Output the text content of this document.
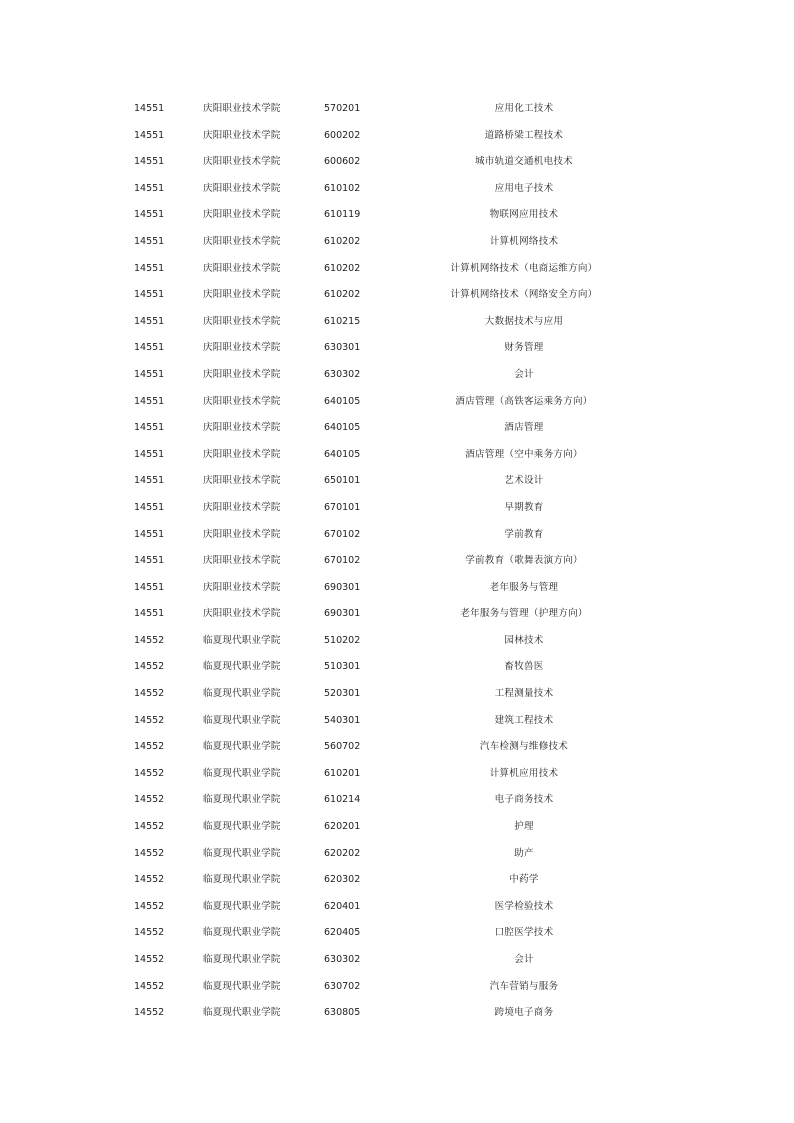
14551	庆阳职业技术学院	570201	应用化工技术
14551	庆阳职业技术学院	600202	道路桥梁工程技术
14551	庆阳职业技术学院	600602	城市轨道交通机电技术
14551	庆阳职业技术学院	610102	应用电子技术
14551	庆阳职业技术学院	610119	物联网应用技术
14551	庆阳职业技术学院	610202	计算机网络技术
14551	庆阳职业技术学院	610202	计算机网络技术（电商运维方向）
14551	庆阳职业技术学院	610202	计算机网络技术（网络安全方向）
14551	庆阳职业技术学院	610215	大数据技术与应用
14551	庆阳职业技术学院	630301	财务管理
14551	庆阳职业技术学院	630302	会计
14551	庆阳职业技术学院	640105	酒店管理（高铁客运乘务方向）
14551	庆阳职业技术学院	640105	酒店管理
14551	庆阳职业技术学院	640105	酒店管理（空中乘务方向）
14551	庆阳职业技术学院	650101	艺术设计
14551	庆阳职业技术学院	670101	早期教育
14551	庆阳职业技术学院	670102	学前教育
14551	庆阳职业技术学院	670102	学前教育（歌舞表演方向）
14551	庆阳职业技术学院	690301	老年服务与管理
14551	庆阳职业技术学院	690301	老年服务与管理（护理方向）
14552	临夏现代职业学院	510202	园林技术
14552	临夏现代职业学院	510301	畜牧兽医
14552	临夏现代职业学院	520301	工程测量技术
14552	临夏现代职业学院	540301	建筑工程技术
14552	临夏现代职业学院	560702	汽车检测与维修技术
14552	临夏现代职业学院	610201	计算机应用技术
14552	临夏现代职业学院	610214	电子商务技术
14552	临夏现代职业学院	620201	护理
14552	临夏现代职业学院	620202	助产
14552	临夏现代职业学院	620302	中药学
14552	临夏现代职业学院	620401	医学检验技术
14552	临夏现代职业学院	620405	口腔医学技术
14552	临夏现代职业学院	630302	会计
14552	临夏现代职业学院	630702	汽车营销与服务
14552	临夏现代职业学院	630805	跨境电子商务
